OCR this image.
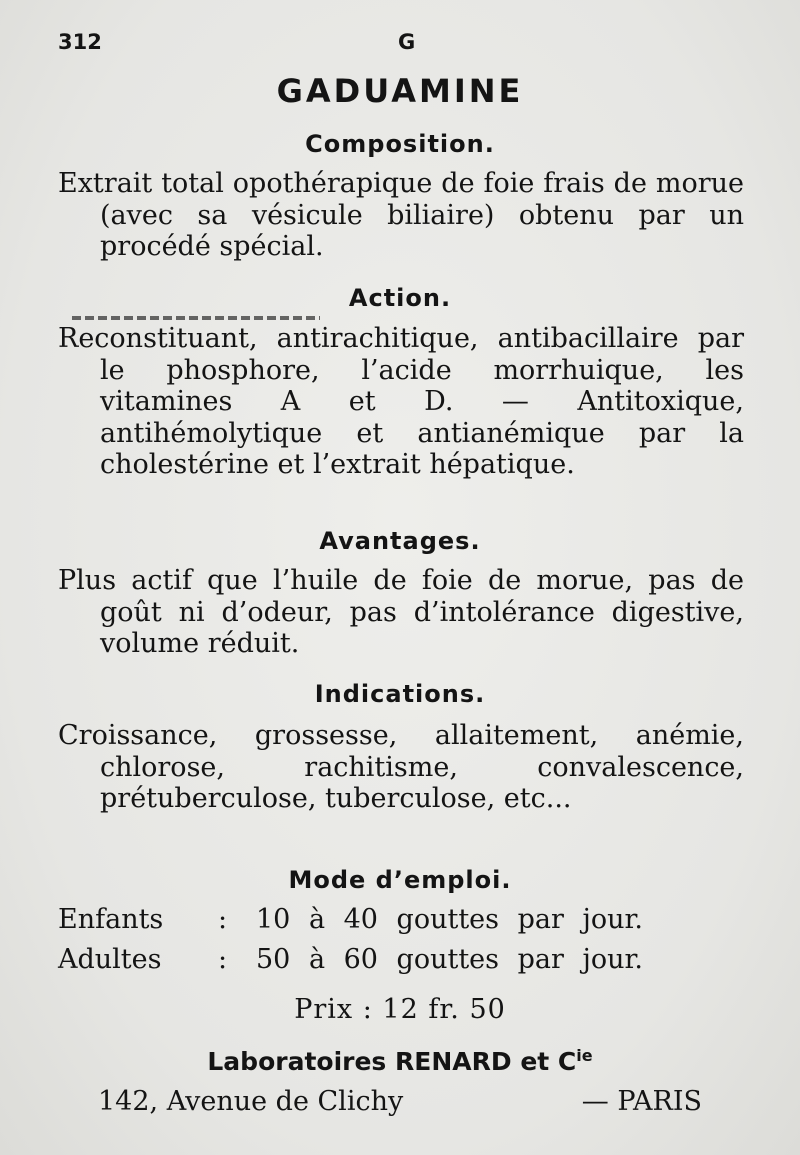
312	G
GADUAMINE
Composition.
Extrait total opothérapique de foie frais de morue (avec sa vésicule biliaire) obtenu par un procédé spécial.
Action.
Reconstituant, antirachitique, antibacillaire par le phosphore, l’acide morrhuique, les vitamines A et D. — Antitoxique, antihémolytique et antianémique par la cholestérine et l’extrait hépatique.
Avantages.
Plus actif que l’huile de foie de morue, pas de goût ni d’odeur, pas d’intolérance digestive, volume réduit.
Indications.
Croissance, grossesse, allaitement, anémie, chlorose, rachitisme, convalescence, prétuberculose, tuberculose, etc...
Mode d’emploi.
Enfants : 10 à 40 gouttes par jour.
Adultes : 50 à 60 gouttes par jour.
Prix : 12 fr. 50
Laboratoires RENARD et $C^{ie}$
142, Avenue de Clichy	— PARIS
